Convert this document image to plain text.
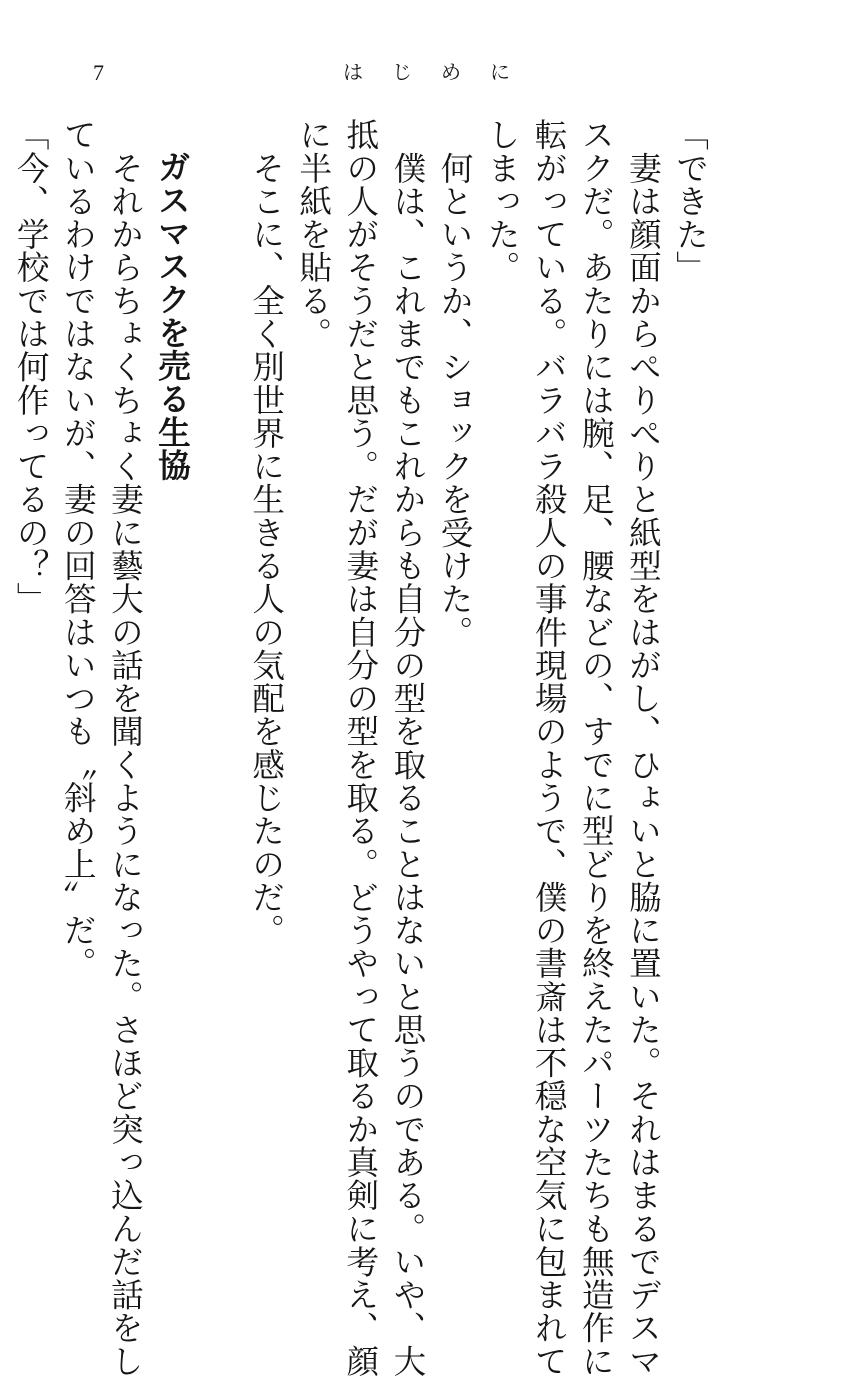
7	はじめに
「できた」
　妻は顔面からぺりぺりと紙型をはがし、ひょいと脇に置いた。それはまるでデスマ
スクだ。あたりには腕、足、腰などの、すでに型どりを終えたパーツたちも無造作に
転がっている。バラバラ殺人の事件現場のようで、僕の書斎は不穏な空気に包まれて
しまった。
　何というか、ショックを受けた。
　僕は、これまでもこれからも自分の型を取ることはないと思うのである。いや、大
抵の人がそうだと思う。だが妻は自分の型を取る。どうやって取るか真剣に考え、顔
に半紙を貼る。
　そこに、全く別世界に生きる人の気配を感じたのだ。
ガスマスクを売る生協
　それからちょくちょく妻に藝大の話を聞くようになった。さほど突っ込んだ話をし
ているわけではないが、妻の回答はいつも〝斜め上〟だ。
「今、学校では何作ってるの？」
